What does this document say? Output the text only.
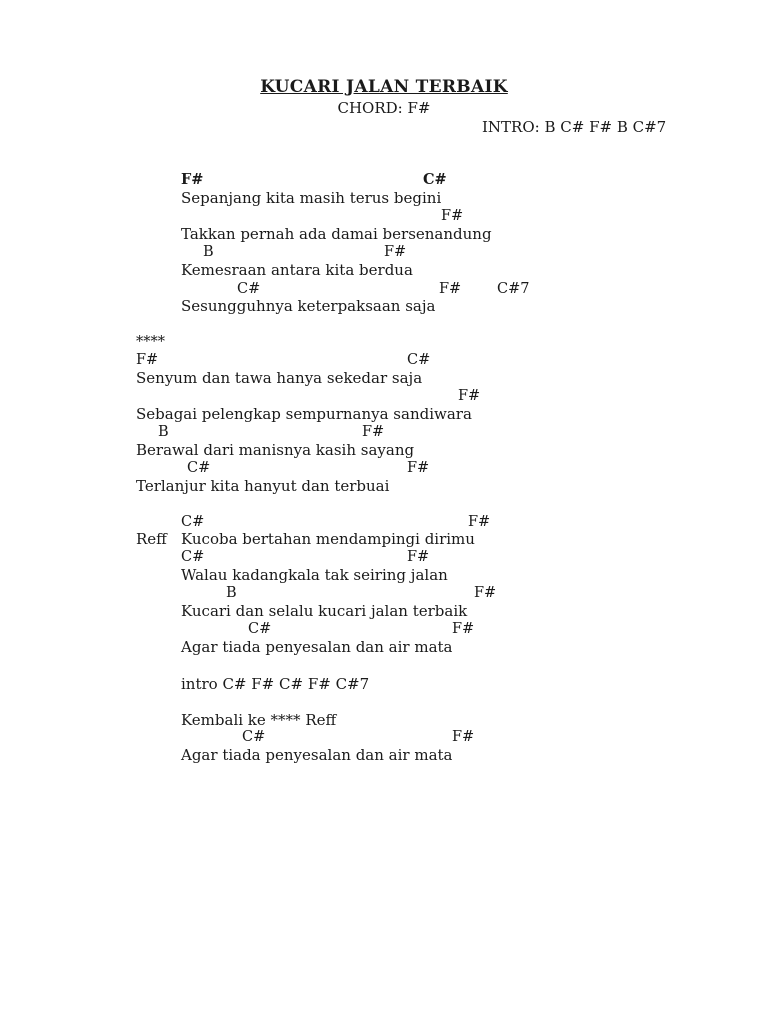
KUCARI JALAN TERBAIK
CHORD: F#
INTRO: B C# F# B C#7
F#	C#
Sepanjang kita masih terus begini
F#
Takkan pernah ada damai bersenandung
B	F#
Kemesraan antara kita berdua
C#	F# C#7
Sesungguhnya keterpaksaan saja
****
F#	C#
Senyum dan tawa hanya sekedar saja
F#
Sebagai pelengkap sempurnanya sandiwara
B	F#
Berawal dari manisnya kasih sayang
C#	F#
Terlanjur kita hanyut dan terbuai
C#	F#
Reff Kucoba bertahan mendampingi dirimu
C#	F#
Walau kadangkala tak seiring jalan
B	F#
Kucari dan selalu kucari jalan terbaik
C#	F#
Agar tiada penyesalan dan air mata
intro C# F# C# F# C#7
Kembali ke **** Reff
C#	F#
Agar tiada penyesalan dan air mata
